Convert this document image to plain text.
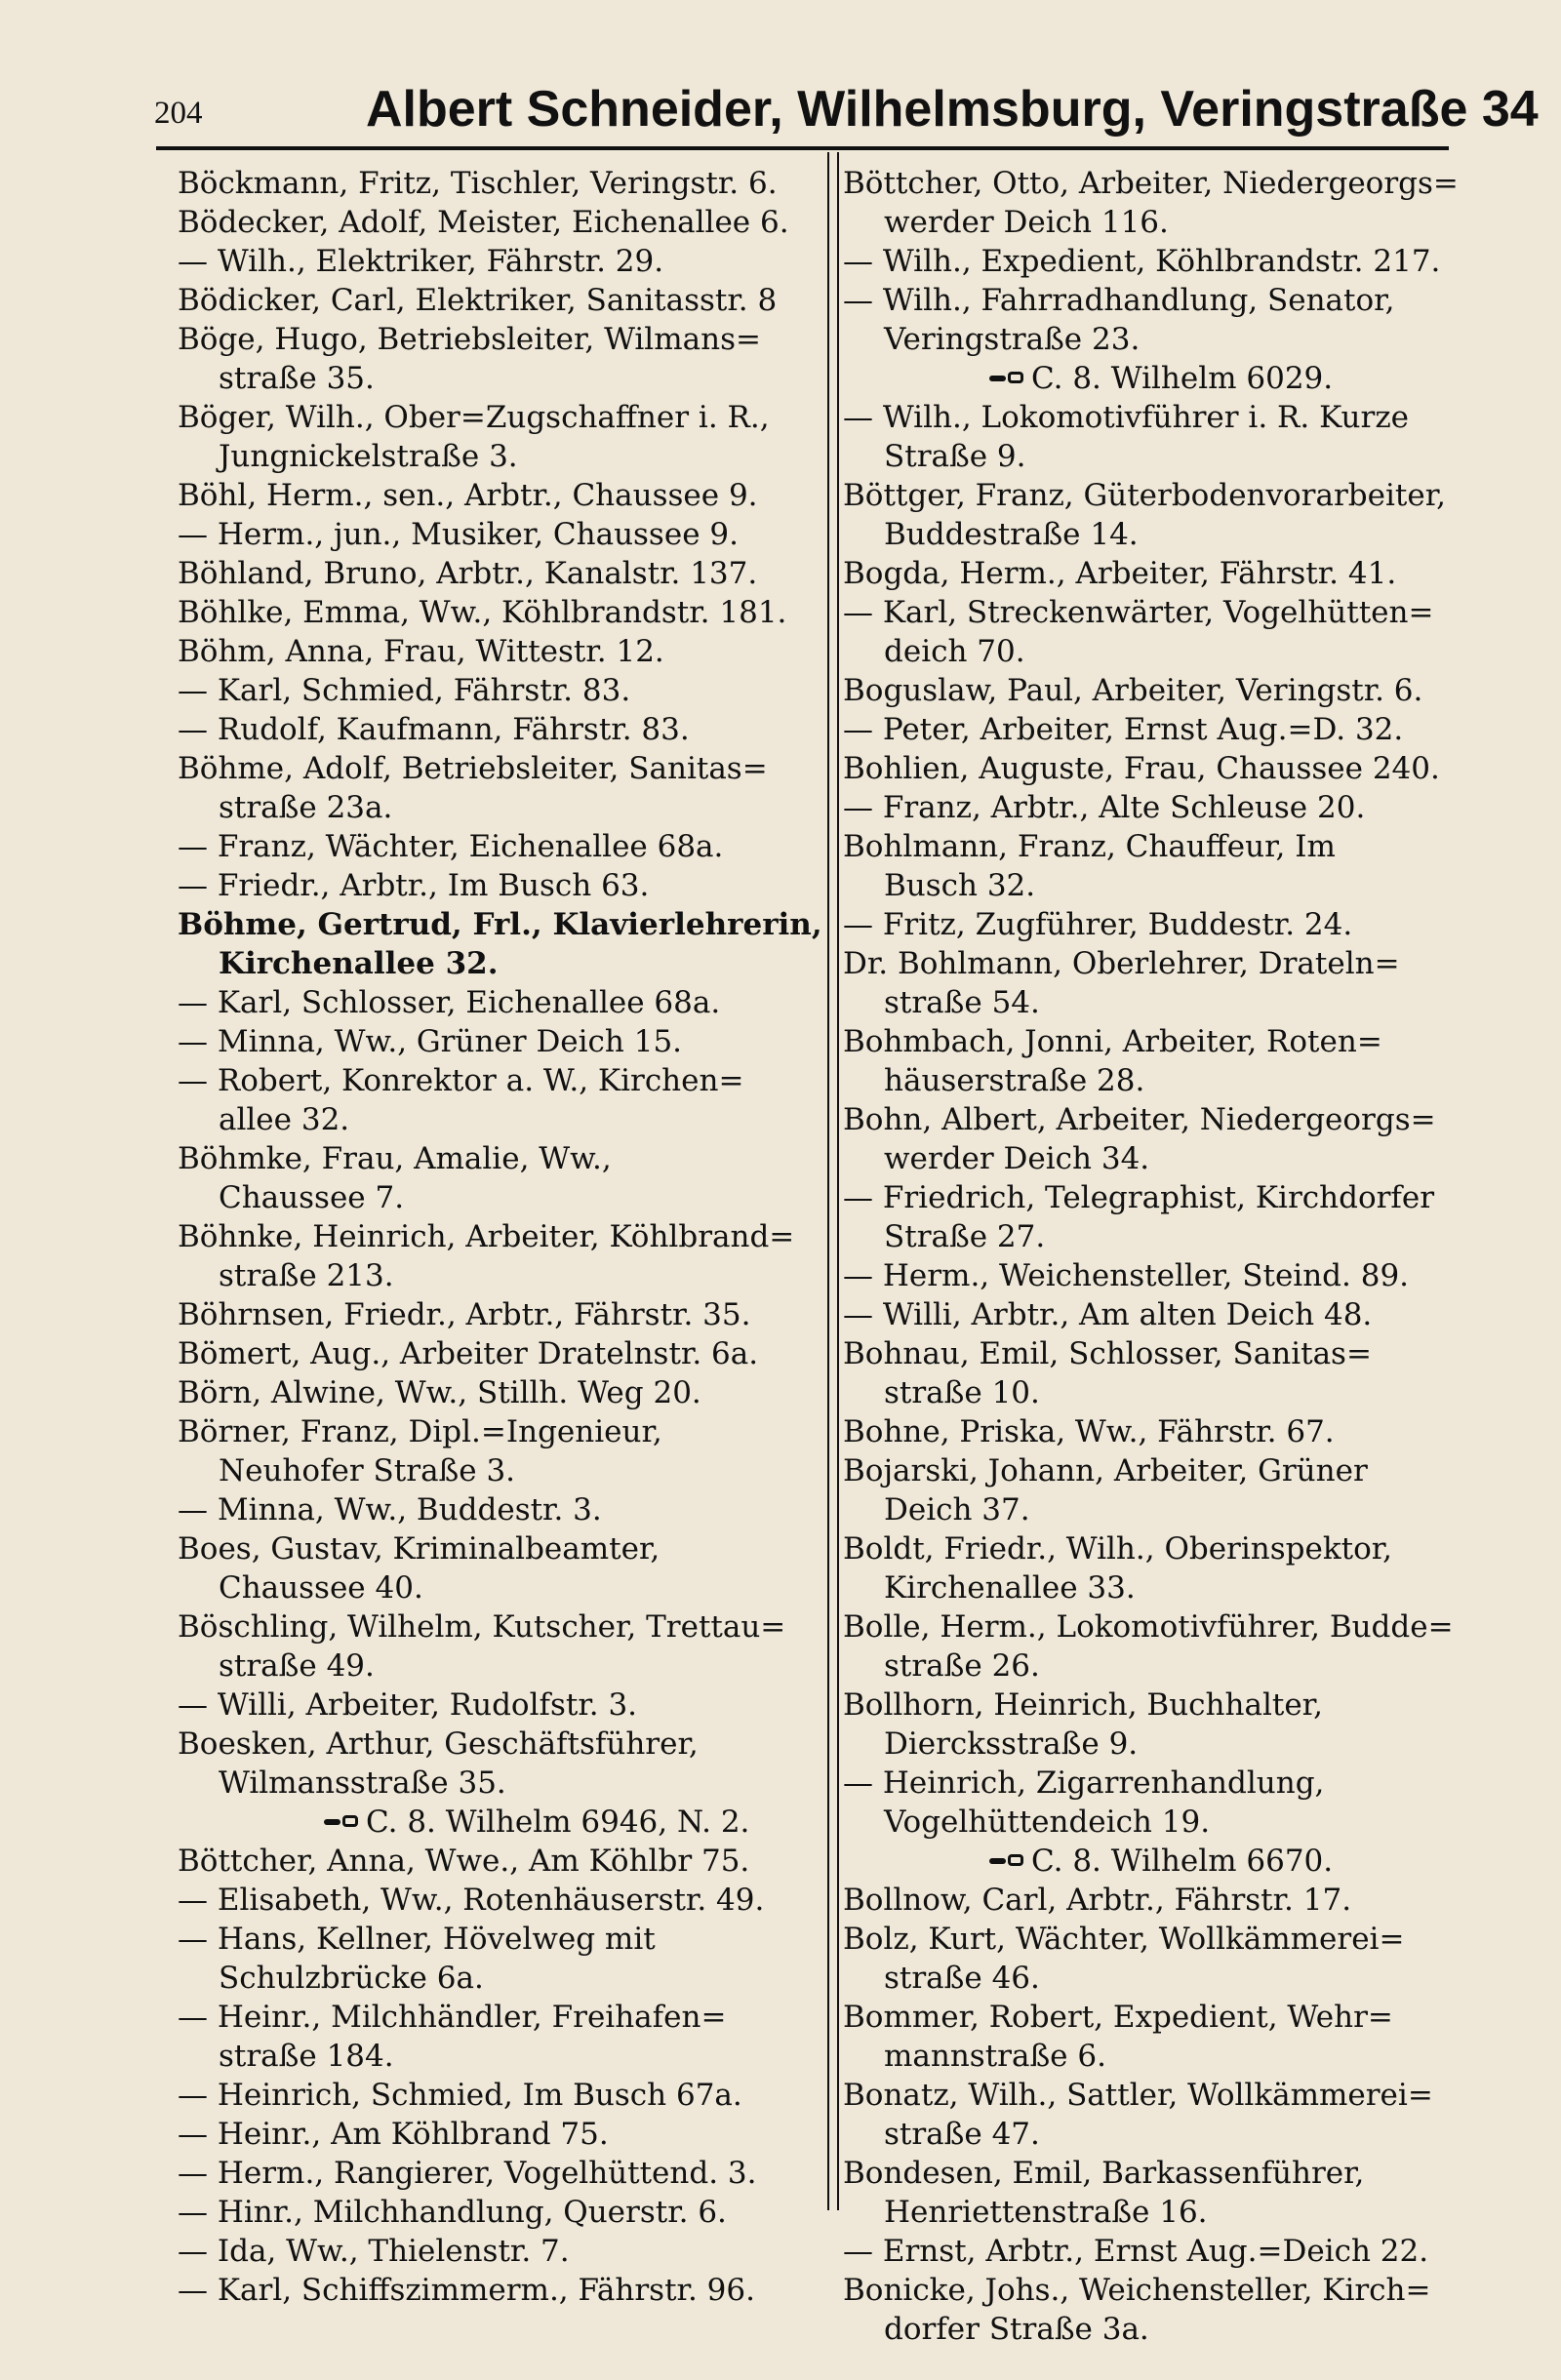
204	Albert Schneider, Wilhelmsburg, Veringstraße 34
Böckmann, Fritz, Tischler, Veringstr. 6.
Bödecker, Adolf, Meister, Eichenallee 6.
— Wilh., Elektriker, Fährstr. 29.
Bödicker, Carl, Elektriker, Sanitasstr. 8
Böge, Hugo, Betriebsleiter, Wilmans=
straße 35.
Böger, Wilh., Ober=Zugschaffner i. R.,
Jungnickelstraße 3.
Böhl, Herm., sen., Arbtr., Chaussee 9.
— Herm., jun., Musiker, Chaussee 9.
Böhland, Bruno, Arbtr., Kanalstr. 137.
Böhlke, Emma, Ww., Köhlbrandstr. 181.
Böhm, Anna, Frau, Wittestr. 12.
— Karl, Schmied, Fährstr. 83.
— Rudolf, Kaufmann, Fährstr. 83.
Böhme, Adolf, Betriebsleiter, Sanitas=
straße 23a.
— Franz, Wächter, Eichenallee 68a.
— Friedr., Arbtr., Im Busch 63.
Böhme, Gertrud, Frl., Klavierlehrerin,
Kirchenallee 32.
— Karl, Schlosser, Eichenallee 68a.
— Minna, Ww., Grüner Deich 15.
— Robert, Konrektor a. W., Kirchen=
allee 32.
Böhmke, Frau, Amalie, Ww.,
Chaussee 7.
Böhnke, Heinrich, Arbeiter, Köhlbrand=
straße 213.
Böhrnsen, Friedr., Arbtr., Fährstr. 35.
Bömert, Aug., Arbeiter Dratelnstr. 6a.
Börn, Alwine, Ww., Stillh. Weg 20.
Börner, Franz, Dipl.=Ingenieur,
Neuhofer Straße 3.
— Minna, Ww., Buddestr. 3.
Boes, Gustav, Kriminalbeamter,
Chaussee 40.
Böschling, Wilhelm, Kutscher, Trettau=
straße 49.
— Willi, Arbeiter, Rudolfstr. 3.
Boesken, Arthur, Geschäftsführer,
Wilmansstraße 35.
C. 8. Wilhelm 6946, N. 2.
Böttcher, Anna, Wwe., Am Köhlbr 75.
— Elisabeth, Ww., Rotenhäuserstr. 49.
— Hans, Kellner, Hövelweg mit
Schulzbrücke 6a.
— Heinr., Milchhändler, Freihafen=
straße 184.
— Heinrich, Schmied, Im Busch 67a.
— Heinr., Am Köhlbrand 75.
— Herm., Rangierer, Vogelhüttend. 3.
— Hinr., Milchhandlung, Querstr. 6.
— Ida, Ww., Thielenstr. 7.
— Karl, Schiffszimmerm., Fährstr. 96.
Böttcher, Otto, Arbeiter, Niedergeorgs=
werder Deich 116.
— Wilh., Expedient, Köhlbrandstr. 217.
— Wilh., Fahrradhandlung, Senator,
Veringstraße 23.
C. 8. Wilhelm 6029.
— Wilh., Lokomotivführer i. R. Kurze
Straße 9.
Böttger, Franz, Güterbodenvorarbeiter,
Buddestraße 14.
Bogda, Herm., Arbeiter, Fährstr. 41.
— Karl, Streckenwärter, Vogelhütten=
deich 70.
Boguslaw, Paul, Arbeiter, Veringstr. 6.
— Peter, Arbeiter, Ernst Aug.=D. 32.
Bohlien, Auguste, Frau, Chaussee 240.
— Franz, Arbtr., Alte Schleuse 20.
Bohlmann, Franz, Chauffeur, Im
Busch 32.
— Fritz, Zugführer, Buddestr. 24.
Dr. Bohlmann, Oberlehrer, Drateln=
straße 54.
Bohmbach, Jonni, Arbeiter, Roten=
häuserstraße 28.
Bohn, Albert, Arbeiter, Niedergeorgs=
werder Deich 34.
— Friedrich, Telegraphist, Kirchdorfer
Straße 27.
— Herm., Weichensteller, Steind. 89.
— Willi, Arbtr., Am alten Deich 48.
Bohnau, Emil, Schlosser, Sanitas=
straße 10.
Bohne, Priska, Ww., Fährstr. 67.
Bojarski, Johann, Arbeiter, Grüner
Deich 37.
Boldt, Friedr., Wilh., Oberinspektor,
Kirchenallee 33.
Bolle, Herm., Lokomotivführer, Budde=
straße 26.
Bollhorn, Heinrich, Buchhalter,
Diercksstraße 9.
— Heinrich, Zigarrenhandlung,
Vogelhüttendeich 19.
C. 8. Wilhelm 6670.
Bollnow, Carl, Arbtr., Fährstr. 17.
Bolz, Kurt, Wächter, Wollkämmerei=
straße 46.
Bommer, Robert, Expedient, Wehr=
mannstraße 6.
Bonatz, Wilh., Sattler, Wollkämmerei=
straße 47.
Bondesen, Emil, Barkassenführer,
Henriettenstraße 16.
— Ernst, Arbtr., Ernst Aug.=Deich 22.
Bonicke, Johs., Weichensteller, Kirch=
dorfer Straße 3a.
